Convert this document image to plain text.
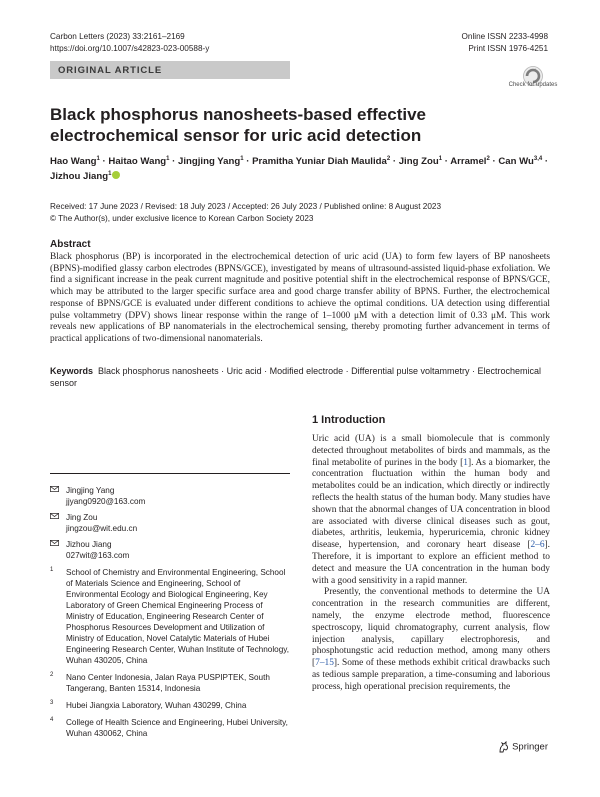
Carbon Letters (2023) 33:2161–2169
https://doi.org/10.1007/s42823-023-00588-y
Online ISSN 2233-4998
Print ISSN 1976-4251
ORIGINAL ARTICLE
Check for updates
Black phosphorus nanosheets-based effective electrochemical sensor for uric acid detection
Hao Wang$^1$ · Haitao Wang$^1$ · Jingjing Yang$^1$ · Pramitha Yuniar Diah Maulida$^2$ · Jing Zou$^1$ · Arramel$^2$ · Can Wu$^{3,4}$ · Jizhou Jiang$^1$
Received: 17 June 2023 / Revised: 18 July 2023 / Accepted: 26 July 2023 / Published online: 8 August 2023
© The Author(s), under exclusive licence to Korean Carbon Society 2023
Abstract
Black phosphorus (BP) is incorporated in the electrochemical detection of uric acid (UA) to form few layers of BP nanosheets (BPNS)-modified glassy carbon electrodes (BPNS/GCE), investigated by means of ultrasound-assisted liquid-phase exfoliation. We find a significant increase in the peak current magnitude and positive potential shift in the electrochemical response of BPNS/GCE, which may be attributed to the larger specific surface area and good charge transfer ability of BPNS. Further, the electrochemical response of BPNS/GCE is evaluated under different conditions to achieve the optimal conditions. UA detection using differential pulse voltammetry (DPV) shows linear response within the range of 1–1000 μM with a detection limit of 0.33 μM. This work reveals new applications of BP nanomaterials in the electrochemical sensing, thereby promoting further advancement in terms of practical applications of two-dimensional nanomaterials.
Keywords Black phosphorus nanosheets · Uric acid · Modified electrode · Differential pulse voltammetry · Electrochemical sensor
1 Introduction

Uric acid (UA) is a small biomolecule that is commonly detected throughout metabolites of birds and mammals, as the final metabolite of purines in the body [1]. As a biomarker, the concentration fluctuation within the human body and metabolites could be an indication, which directly or indirectly reflects the health status of the human body. Many studies have shown that the abnormal changes of UA concentration in blood are associated with diverse clinical diseases such as gout, diabetes, arthritis, leukemia, hyperuricemia, chronic kidney disease, hypertension, and coronary heart disease [2–6]. Therefore, it is important to explore an efficient method to detect and measure the UA concentration in the human body with a good sensitivity in a rapid manner.

Presently, the conventional methods to determine the UA concentration in the research communities are different, namely, the enzyme electrode method, fluorescence spectroscopy, liquid chromatography, current analysis, flow injection analysis, capillary electrophoresis, and phosphotungstic acid reduction method, among many others [7–15]. Some of these methods exhibit critical drawbacks such as tedious sample preparation, a time-consuming and laborious process, high operational precision requirements, the

Jingjing Yang
jjyang0920@163.com
Jing Zou
jingzou@wit.edu.cn
Jizhou Jiang
027wit@163.com
1 School of Chemistry and Environmental Engineering, School of Materials Science and Engineering, School of Environmental Ecology and Biological Engineering, Key Laboratory of Green Chemical Engineering Process of Ministry of Education, Engineering Research Center of Phosphorus Resources Development and Utilization of Ministry of Education, Novel Catalytic Materials of Hubei Engineering Research Center, Wuhan Institute of Technology, Wuhan 430205, China
2 Nano Center Indonesia, Jalan Raya PUSPIPTEK, South Tangerang, Banten 15314, Indonesia
3 Hubei Jiangxia Laboratory, Wuhan 430299, China
4 College of Health Science and Engineering, Hubei University, Wuhan 430062, China
Springer
